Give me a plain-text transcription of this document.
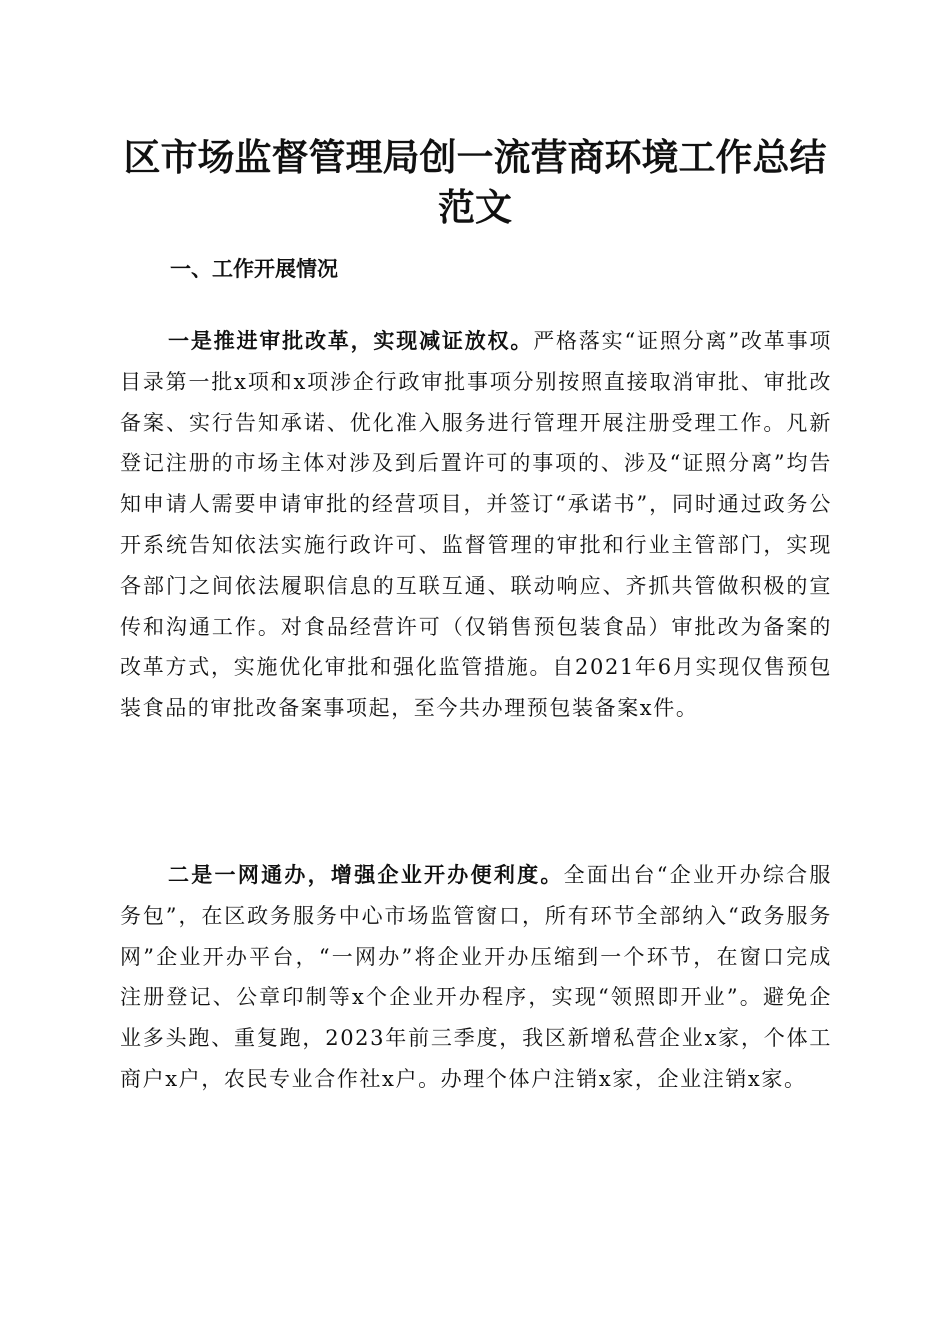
区市场监督管理局创一流营商环境工作总结范文
一、工作开展情况

一是推进审批改革，实现减证放权。严格落实“证照分离”改革事项目录第一批x项和x项涉企行政审批事项分别按照直接取消审批、审批改备案、实行告知承诺、优化准入服务进行管理开展注册受理工作。凡新登记注册的市场主体对涉及到后置许可的事项的、涉及“证照分离”均告知申请人需要申请审批的经营项目，并签订“承诺书”，同时通过政务公开系统告知依法实施行政许可、监督管理的审批和行业主管部门，实现各部门之间依法履职信息的互联互通、联动响应、齐抓共管做积极的宣传和沟通工作。对食品经营许可（仅销售预包装食品）审批改为备案的改革方式，实施优化审批和强化监管措施。自2021年6月实现仅售预包装食品的审批改备案事项起，至今共办理预包装备案x件。

二是一网通办，增强企业开办便利度。全面出台“企业开办综合服务包”，在区政务服务中心市场监管窗口，所有环节全部纳入“政务服务网”企业开办平台，“一网办”将企业开办压缩到一个环节，在窗口完成注册登记、公章印制等x个企业开办程序，实现“领照即开业”。避免企业多头跑、重复跑，2023年前三季度，我区新增私营企业x家，个体工商户x户，农民专业合作社x户。办理个体户注销x家，企业注销x家。
